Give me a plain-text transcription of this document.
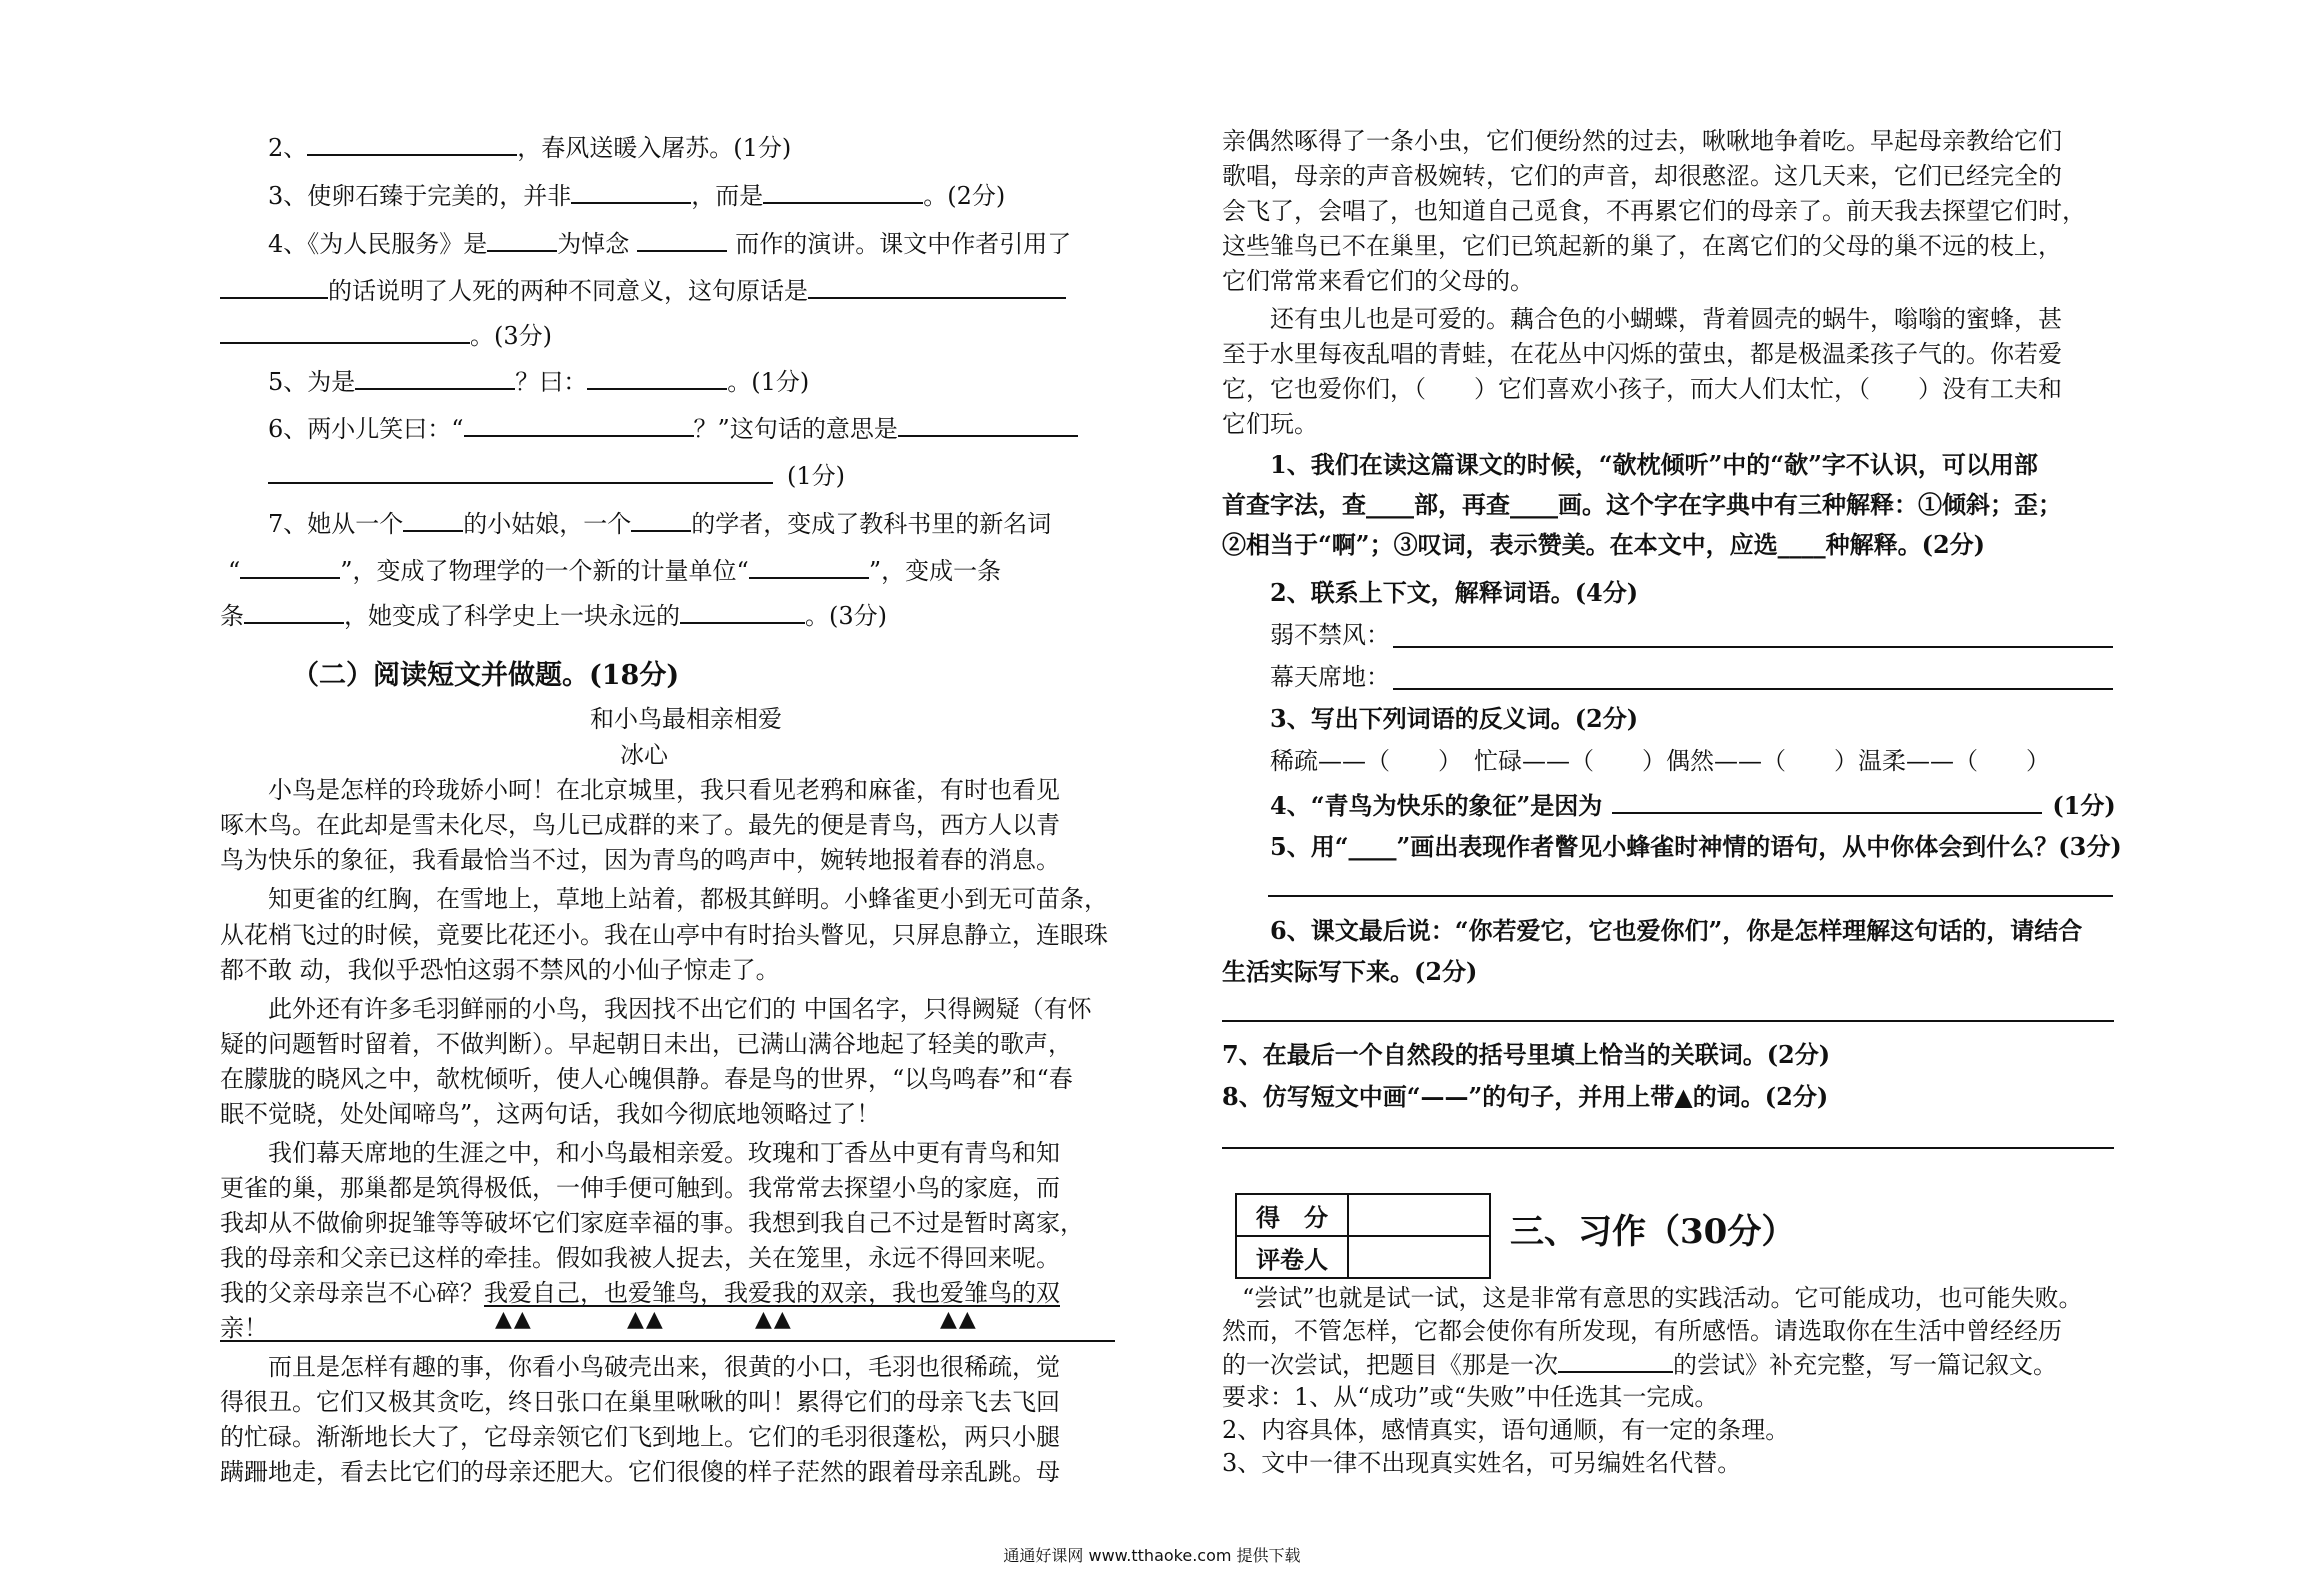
2、	，春风送暖入屠苏。(1分)
3、使卵石臻于完美的，并非	，而是	。(2分)
4、《为人民服务》是	为悼念	而作的演讲。课文中作者引用了
的话说明了人死的两种不同意义，这句原话是
。(3分)
5、为是	？曰：	。(1分)
6、两小儿笑曰：“	？”这句话的意思是
(1分)
7、她从一个	的小姑娘，一个	的学者，变成了教科书里的新名词
“	”，变成了物理学的一个新的计量单位“	”，变成一条
条	，她变成了科学史上一块永远的	。(3分)
（二）阅读短文并做题。(18分)
和小鸟最相亲相爱
冰心
小鸟是怎样的玲珑娇小呵！在北京城里，我只看见老鸦和麻雀，有时也看见
啄木鸟。在此却是雪未化尽，鸟儿已成群的来了。最先的便是青鸟，西方人以青
鸟为快乐的象征，我看最恰当不过，因为青鸟的鸣声中，婉转地报着春的消息。
知更雀的红胸，在雪地上，草地上站着，都极其鲜明。小蜂雀更小到无可苗条，
从花梢飞过的时候，竟要比花还小。我在山亭中有时抬头瞥见，只屏息静立，连眼珠
都不敢 动，我似乎恐怕这弱不禁风的小仙子惊走了。
此外还有许多毛羽鲜丽的小鸟，我因找不出它们的 中国名字，只得阙疑（有怀
疑的问题暂时留着，不做判断）。早起朝日未出，已满山满谷地起了轻美的歌声，
在朦胧的晓风之中，欹枕倾听，使人心魄俱静。春是鸟的世界，“以鸟鸣春”和“春
眠不觉晓，处处闻啼鸟”，这两句话，我如今彻底地领略过了！
我们幕天席地的生涯之中，和小鸟最相亲爱。玫瑰和丁香丛中更有青鸟和知
更雀的巢，那巢都是筑得极低，一伸手便可触到。我常常去探望小鸟的家庭，而
我却从不做偷卵捉雏等等破坏它们家庭幸福的事。我想到我自己不过是暂时离家，
我的母亲和父亲已这样的牵挂。假如我被人捉去，关在笼里，永远不得回来呢。
我的父亲母亲岂不心碎？我爱自己，也爱雏鸟，我爱我的双亲，我也爱雏鸟的双
▲▲	▲▲	▲▲	▲▲
亲！
而且是怎样有趣的事，你看小鸟破壳出来，很黄的小口，毛羽也很稀疏，觉
得很丑。它们又极其贪吃，终日张口在巢里啾啾的叫！累得它们的母亲飞去飞回
的忙碌。渐渐地长大了，它母亲领它们飞到地上。它们的毛羽很蓬松，两只小腿
蹒跚地走，看去比它们的母亲还肥大。它们很傻的样子茫然的跟着母亲乱跳。母
亲偶然啄得了一条小虫，它们便纷然的过去，啾啾地争着吃。早起母亲教给它们
歌唱，母亲的声音极婉转，它们的声音，却很憨涩。这几天来，它们已经完全的
会飞了，会唱了，也知道自己觅食，不再累它们的母亲了。前天我去探望它们时，
这些雏鸟已不在巢里，它们已筑起新的巢了，在离它们的父母的巢不远的枝上，
它们常常来看它们的父母的。
还有虫儿也是可爱的。藕合色的小蝴蝶，背着圆壳的蜗牛，嗡嗡的蜜蜂，甚
至于水里每夜乱唱的青蛙，在花丛中闪烁的萤虫，都是极温柔孩子气的。你若爱
它，它也爱你们，（　　）它们喜欢小孩子，而大人们太忙，（　　）没有工夫和
它们玩。
1、我们在读这篇课文的时候，“欹枕倾听”中的“欹”字不认识，可以用部
首查字法，查____部，再查____画。这个字在字典中有三种解释：①倾斜；歪；
②相当于“啊”；③叹词，表示赞美。在本文中，应选____种解释。(2分)
2、联系上下文，解释词语。(4分)
弱不禁风：
幕天席地：
3、写出下列词语的反义词。(2分)
稀疏——（　　）　忙碌——（　　）偶然——（　　）温柔——（　　）
4、“青鸟为快乐的象征”是因为	(1分)
5、用“____”画出表现作者瞥见小蜂雀时神情的语句，从中你体会到什么？(3分)
6、课文最后说：“你若爱它，它也爱你们”，你是怎样理解这句话的，请结合
生活实际写下来。(2分)
7、在最后一个自然段的括号里填上恰当的关联词。(2分)
8、仿写短文中画“——”的句子，并用上带▲的词。(2分)
得　分	
评卷人	
三、习作（30分）
“尝试”也就是试一试，这是非常有意思的实践活动。它可能成功，也可能失败。
然而，不管怎样，它都会使你有所发现，有所感悟。请选取你在生活中曾经经历
的一次尝试，把题目《那是一次	的尝试》补充完整，写一篇记叙文。
要求：1、从“成功”或“失败”中任选其一完成。
2、内容具体，感情真实，语句通顺，有一定的条理。
3、文中一律不出现真实姓名，可另编姓名代替。
通通好课网 www.tthaoke.com 提供下载
